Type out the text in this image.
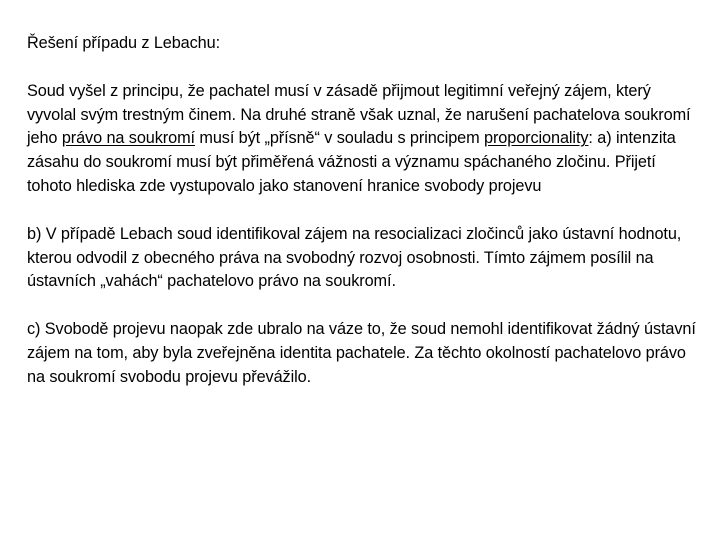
Řešení případu z Lebachu:

Soud vyšel z principu, že pachatel musí v zásadě přijmout legitimní veřejný zájem, který vyvolal svým trestným činem. Na druhé straně však uznal, že narušení pachatelova soukromí jeho právo na soukromí musí být „přísně“ v souladu s principem proporcionality: a) intenzita zásahu do soukromí musí být přiměřená vážnosti a významu spáchaného zločinu. Přijetí tohoto hlediska zde vystupovalo jako stanovení hranice svobody projevu

b) V případě Lebach soud identifikoval zájem na resocializaci zločinců jako ústavní hodnotu, kterou odvodil z obecného práva na svobodný rozvoj osobnosti. Tímto zájmem posílil na ústavních „vahách“ pachatelovo právo na soukromí.

c) Svobodě projevu naopak zde ubralo na váze to, že soud nemohl identifikovat žádný ústavní zájem na tom, aby byla zveřejněna identita pachatele. Za těchto okolností pachatelovo právo na soukromí svobodu projevu převážilo.
